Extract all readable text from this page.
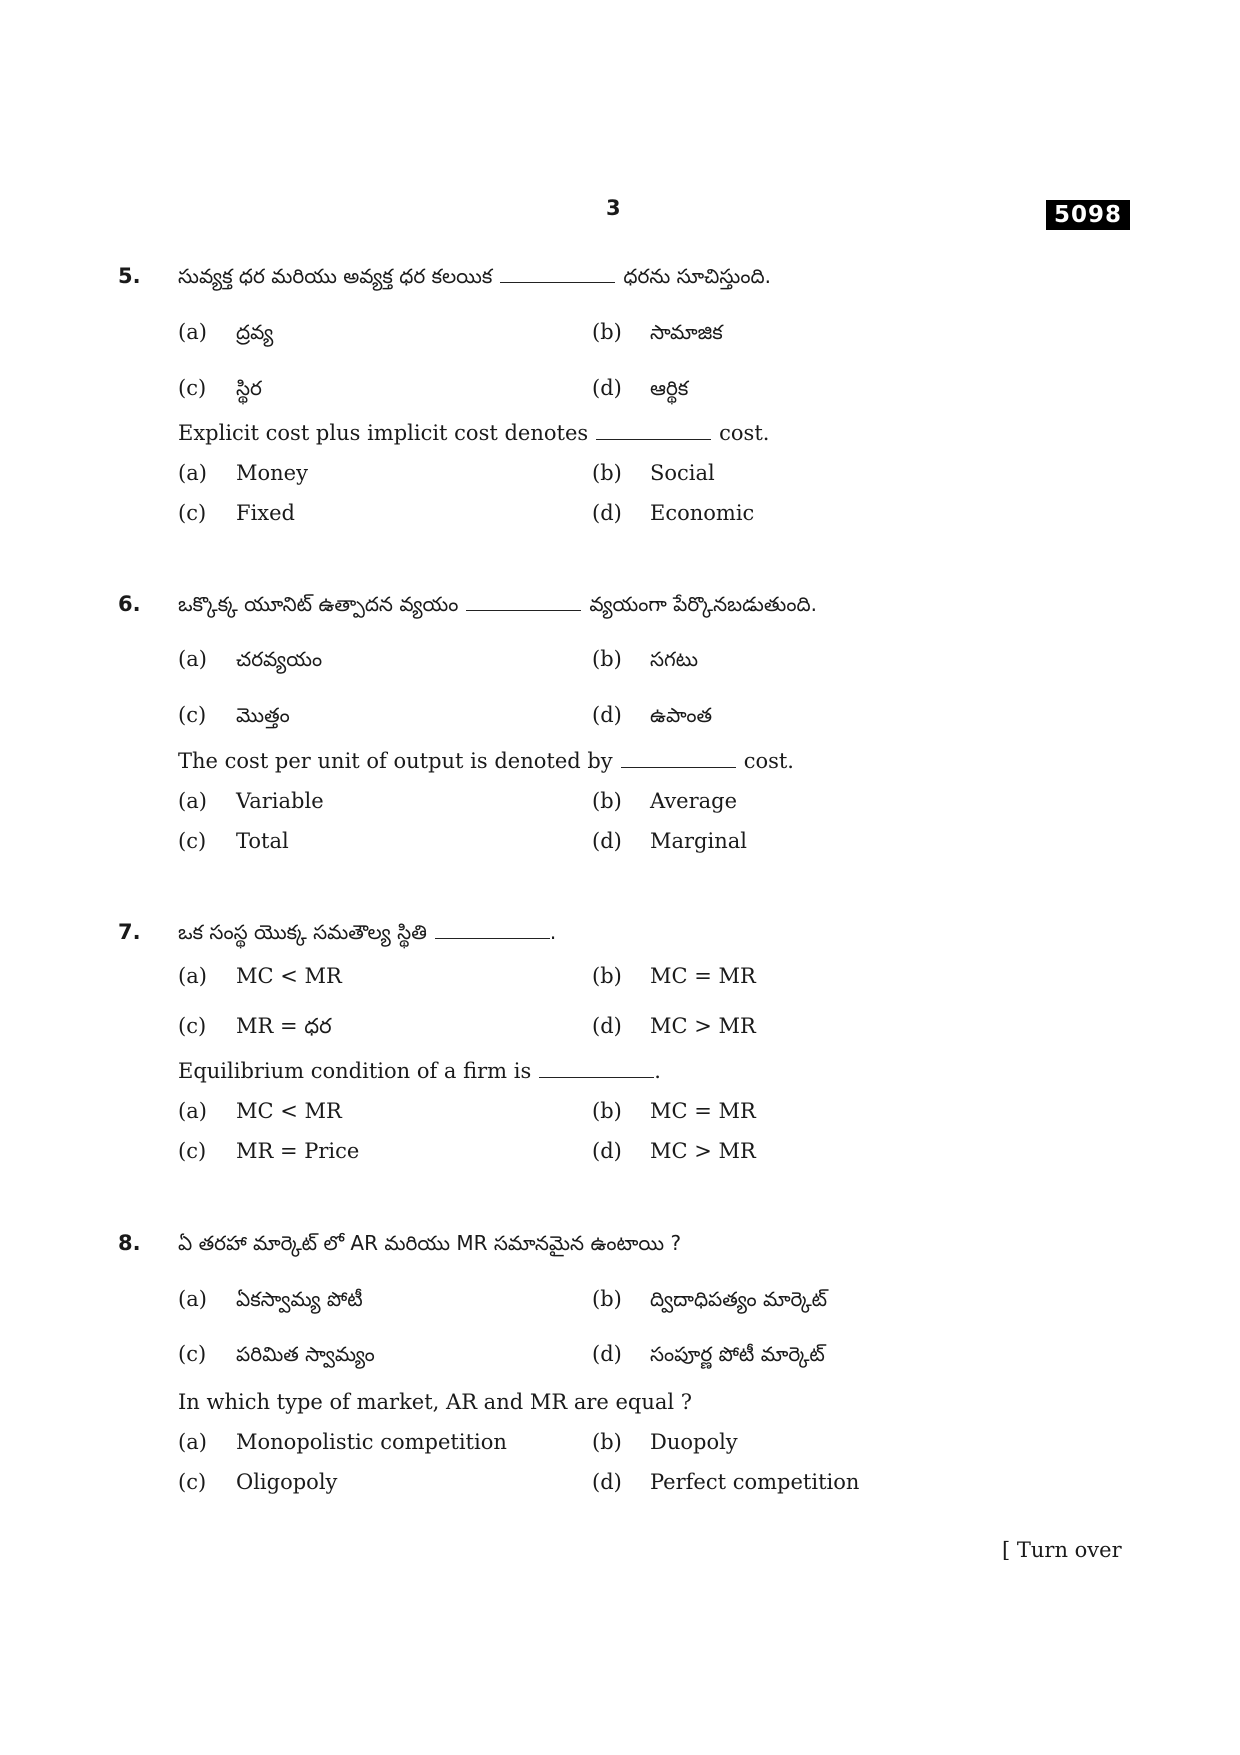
3	5098
5. సువ్యక్త ధర మరియు అవ్యక్త ధర కలయిక	ధరను సూచిస్తుంది.
(a) ద్రవ్య	(b) సామాజిక
(c) స్థిర	(d) ఆర్థిక
Explicit cost plus implicit cost denotes	cost.
(a) Money	(b) Social
(c) Fixed	(d) Economic
6. ఒక్కొక్క యూనిట్ ఉత్పాదన వ్యయం	వ్యయంగా పేర్కొనబడుతుంది.
(a) చరవ్యయం	(b) సగటు
(c) మొత్తం	(d) ఉపాంత
The cost per unit of output is denoted by	cost.
(a) Variable	(b) Average
(c) Total	(d) Marginal
7. ఒక సంస్థ యొక్క సమతౌల్య స్థితి	.
(a) MC < MR	(b) MC = MR
(c) MR = ధర	(d) MC > MR
Equilibrium condition of a firm is	.
(a) MC < MR	(b) MC = MR
(c) MR = Price	(d) MC > MR
8. ఏ తరహా మార్కెట్ లో AR మరియు MR సమానమైన ఉంటాయి ?
(a) ఏకస్వామ్య పోటీ	(b) ద్విదాధిపత్యం మార్కెట్
(c) పరిమిత స్వామ్యం	(d) సంపూర్ణ పోటీ మార్కెట్
In which type of market, AR and MR are equal ?
(a) Monopolistic competition	(b) Duopoly
(c) Oligopoly	(d) Perfect competition
[ Turn over
